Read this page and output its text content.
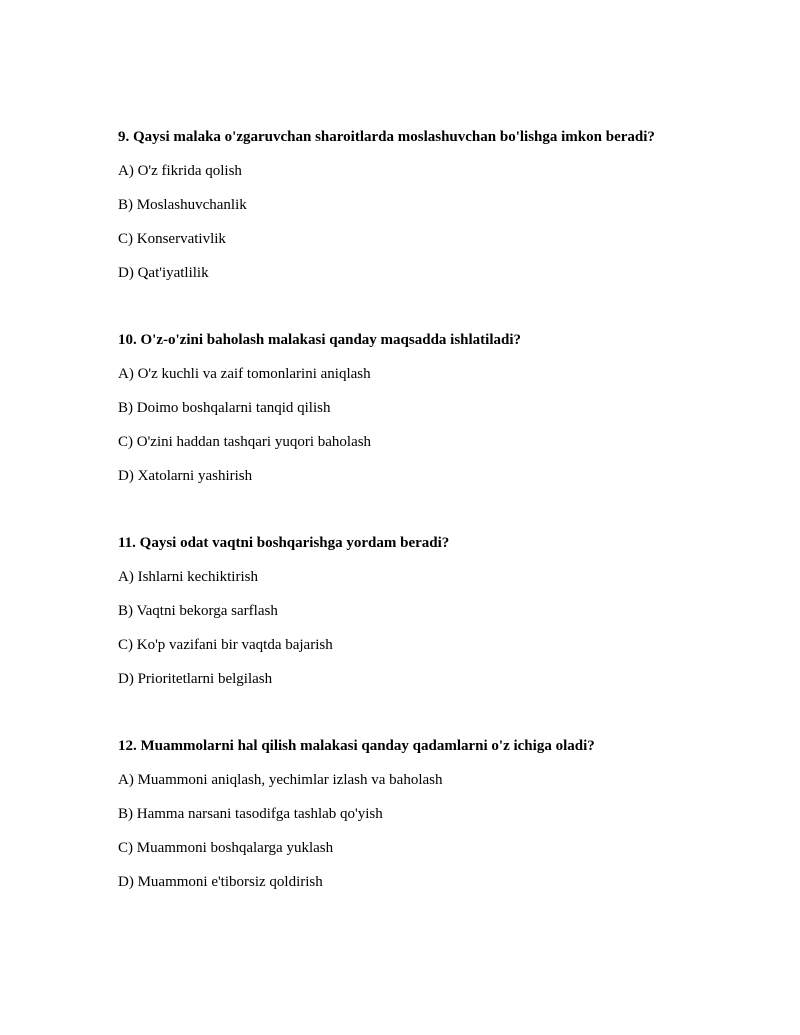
9. Qaysi malaka o'zgaruvchan sharoitlarda moslashuvchan bo'lishga imkon beradi?

A) O'z fikrida qolish

B) Moslashuvchanlik

C) Konservativlik

D) Qat'iyatlilik

10. O'z-o'zini baholash malakasi qanday maqsadda ishlatiladi?

A) O'z kuchli va zaif tomonlarini aniqlash

B) Doimo boshqalarni tanqid qilish

C) O'zini haddan tashqari yuqori baholash

D) Xatolarni yashirish

11. Qaysi odat vaqtni boshqarishga yordam beradi?

A) Ishlarni kechiktirish

B) Vaqtni bekorga sarflash

C) Ko'p vazifani bir vaqtda bajarish

D) Prioritetlarni belgilash

12. Muammolarni hal qilish malakasi qanday qadamlarni o'z ichiga oladi?

A) Muammoni aniqlash, yechimlar izlash va baholash

B) Hamma narsani tasodifga tashlab qo'yish

C) Muammoni boshqalarga yuklash

D) Muammoni e'tiborsiz qoldirish
